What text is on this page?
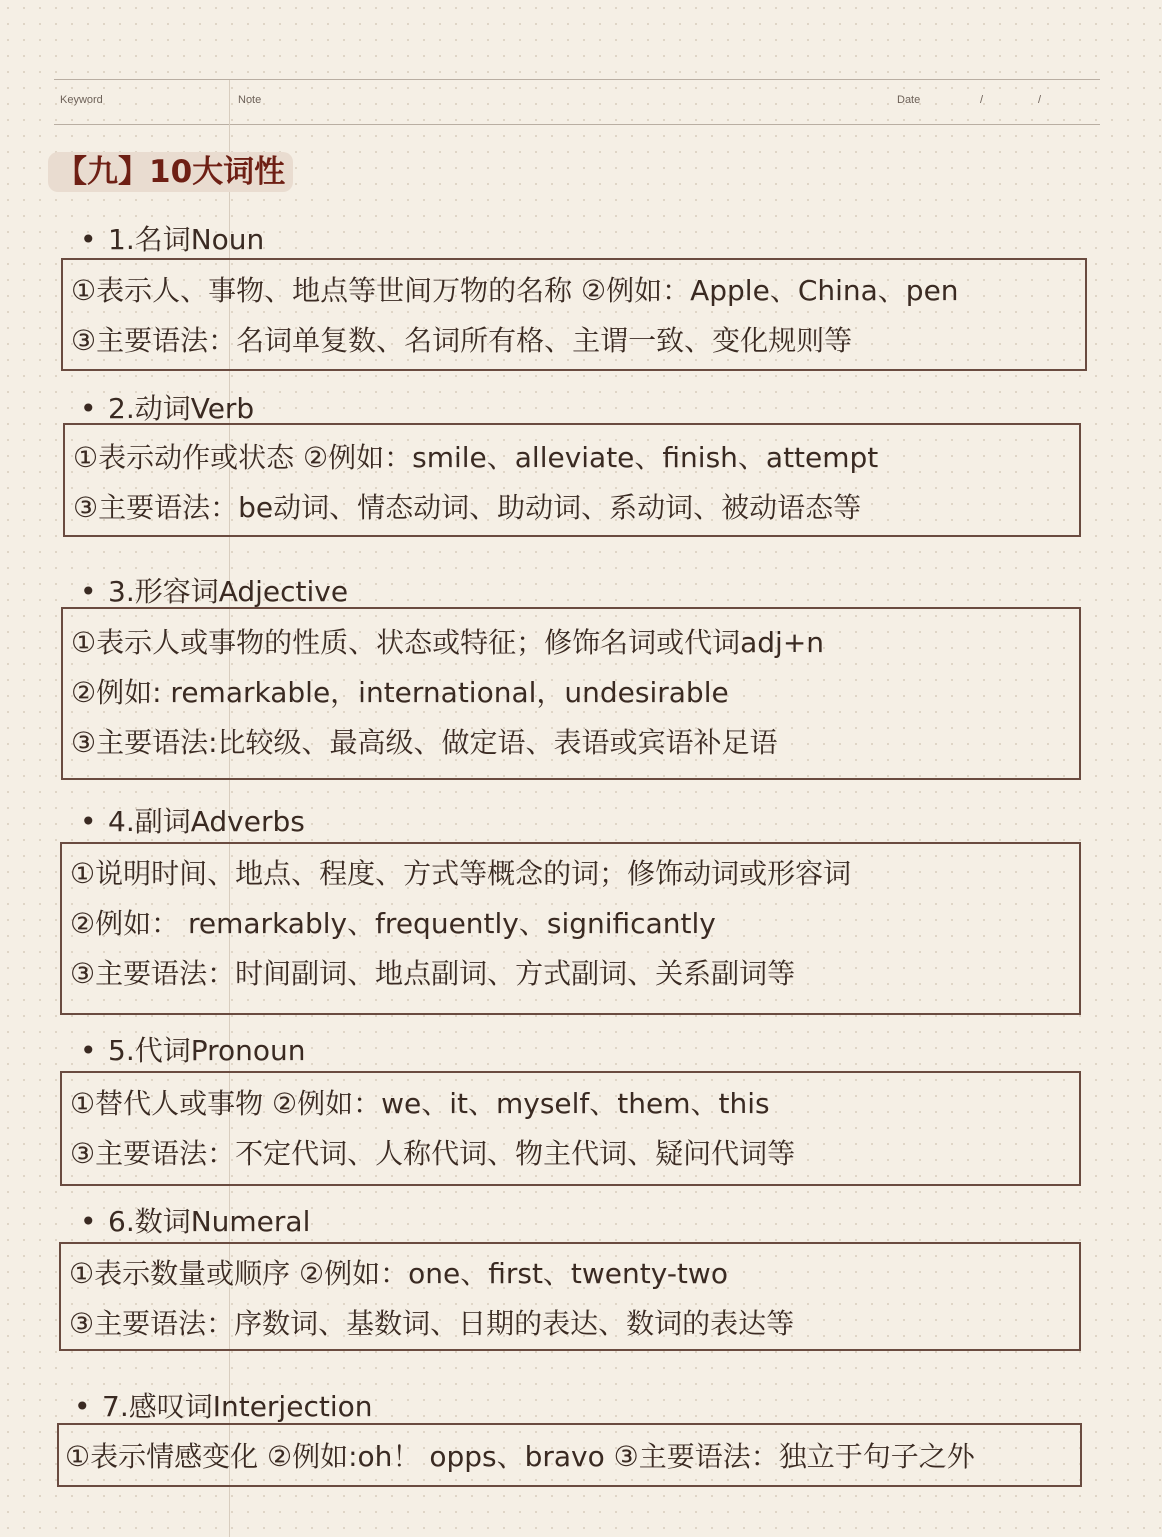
Keyword	Note	Date	/	/
【九】10大词性
• 1.名词Noun
①表示人、事物、地点等世间万物的名称 ②例如：Apple、China、pen
③主要语法：名词单复数、名词所有格、主谓一致、变化规则等
• 2.动词Verb
①表示动作或状态 ②例如：smile、alleviate、finish、attempt
③主要语法：be动词、情态动词、助动词、系动词、被动语态等
• 3.形容词Adjective
①表示人或事物的性质、状态或特征；修饰名词或代词adj+n
②例如: remarkable，international，undesirable
③主要语法:比较级、最高级、做定语、表语或宾语补足语
• 4.副词Adverbs
①说明时间、地点、程度、方式等概念的词；修饰动词或形容词
②例如： remarkably、frequently、significantly
③主要语法：时间副词、地点副词、方式副词、关系副词等
• 5.代词Pronoun
①替代人或事物 ②例如：we、it、myself、them、this
③主要语法：不定代词、人称代词、物主代词、疑问代词等
• 6.数词Numeral
①表示数量或顺序 ②例如：one、first、twenty-two
③主要语法：序数词、基数词、日期的表达、数词的表达等
• 7.感叹词Interjection
①表示情感变化 ②例如:oh！ opps、bravo ③主要语法：独立于句子之外
